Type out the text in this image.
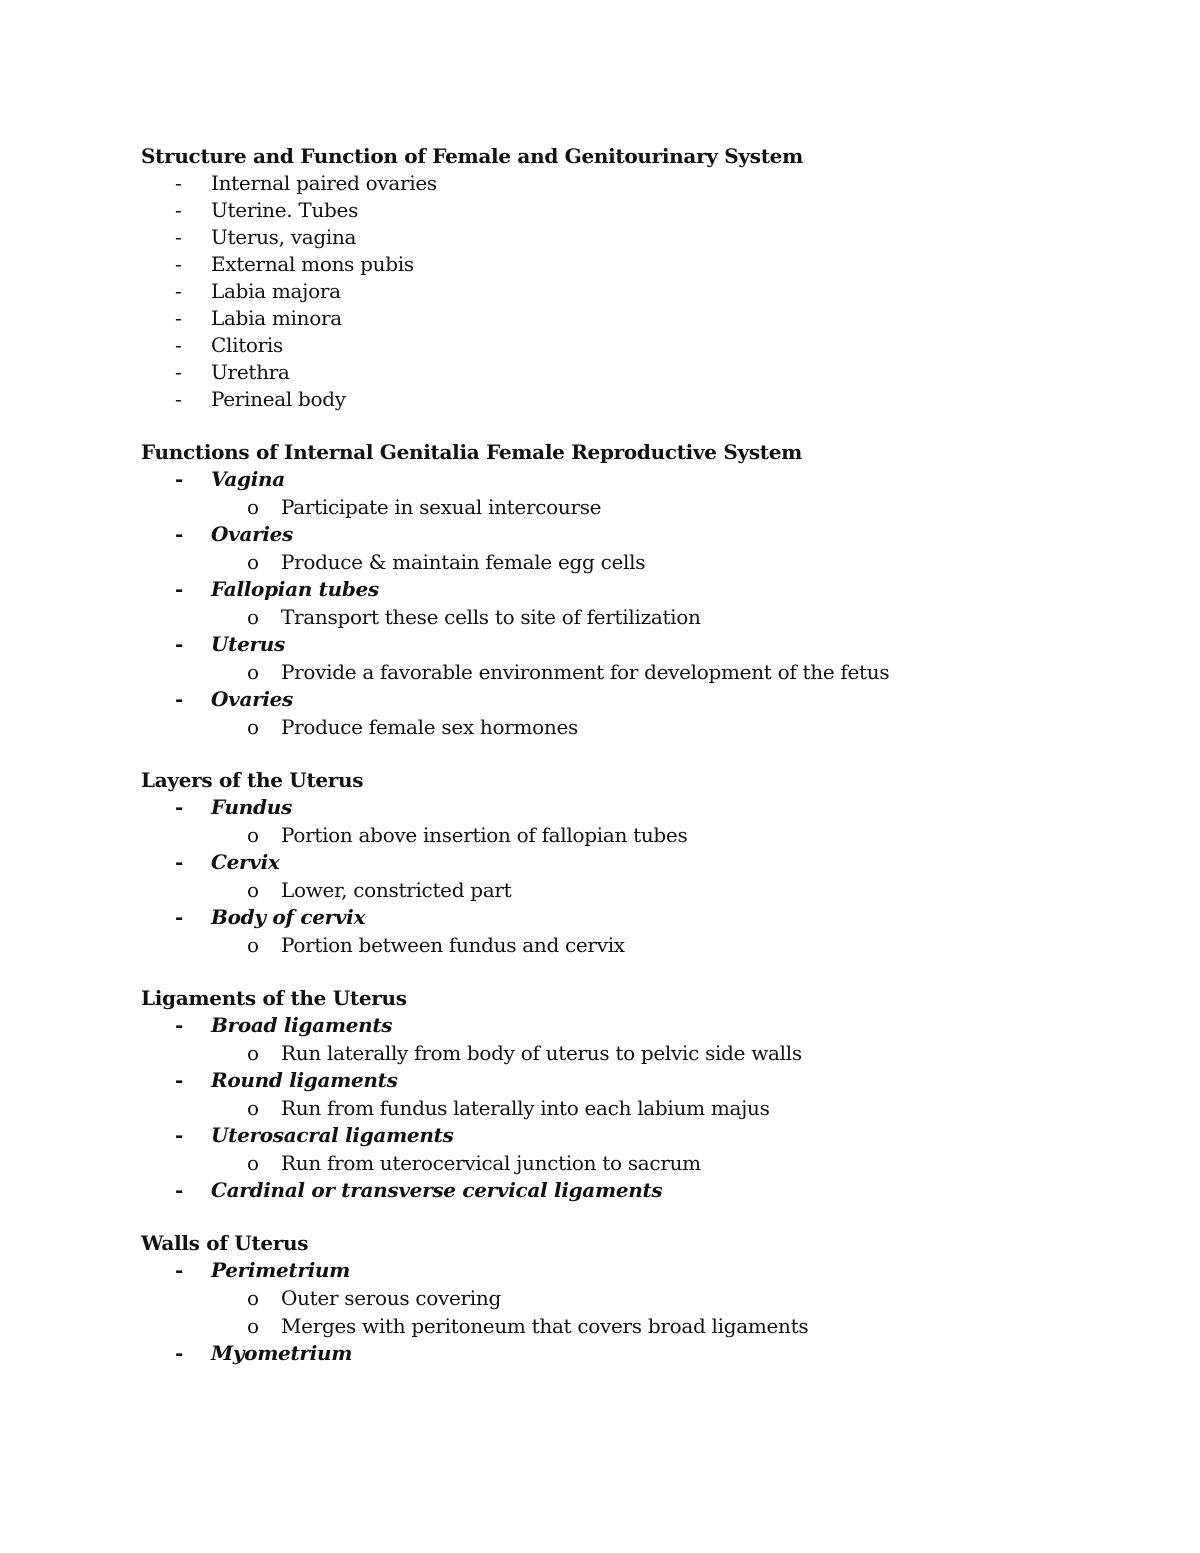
Structure and Function of Female and Genitourinary System

- Internal paired ovaries
- Uterine. Tubes
- Uterus, vagina
- External mons pubis
- Labia majora
- Labia minora
- Clitoris
- Urethra
- Perineal body

Functions of Internal Genitalia Female Reproductive System

- Vagina
o	Participate in sexual intercourse
- Ovaries
o	Produce & maintain female egg cells
- Fallopian tubes
o	Transport these cells to site of fertilization
- Uterus
o	Provide a favorable environment for development of the fetus
- Ovaries
o	Produce female sex hormones

Layers of the Uterus

- Fundus
o	Portion above insertion of fallopian tubes
- Cervix
o	Lower, constricted part
- Body of cervix
o	Portion between fundus and cervix

Ligaments of the Uterus

- Broad ligaments
o	Run laterally from body of uterus to pelvic side walls
- Round ligaments
o	Run from fundus laterally into each labium majus
- Uterosacral ligaments
o	Run from uterocervical junction to sacrum
- Cardinal or transverse cervical ligaments

Walls of Uterus

- Perimetrium
o	Outer serous covering
o	Merges with peritoneum that covers broad ligaments
- Myometrium
